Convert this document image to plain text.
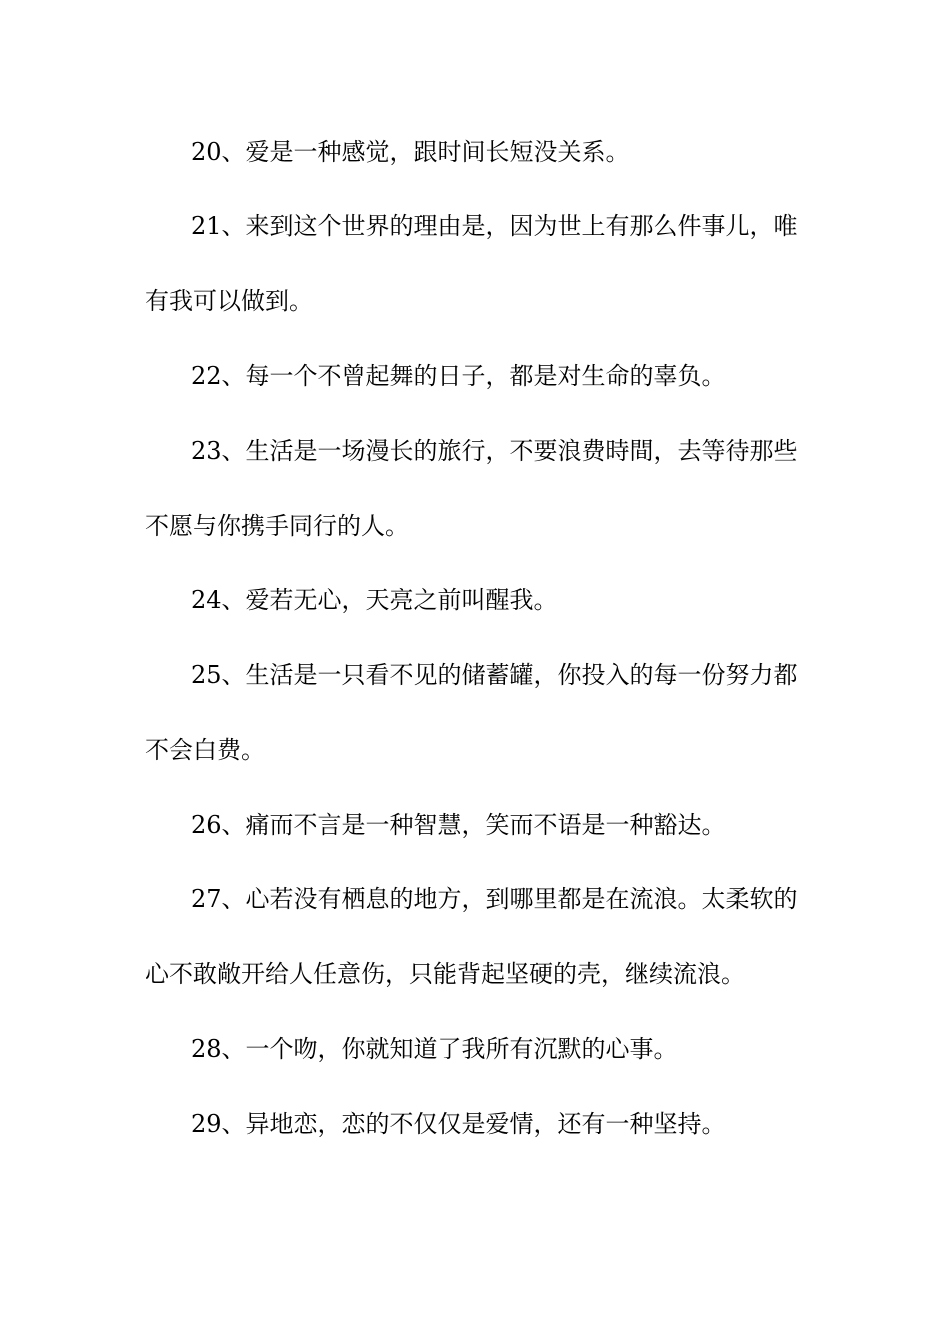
20、爱是一种感觉，跟时间长短没关系。
21、来到这个世界的理由是，因为世上有那么件事儿，唯
有我可以做到。
22、每一个不曾起舞的日子，都是对生命的辜负。
23、生活是一场漫长的旅行，不要浪费時間，去等待那些
不愿与你携手同行的人。
24、爱若无心，天亮之前叫醒我。
25、生活是一只看不见的储蓄罐，你投入的每一份努力都
不会白费。
26、痛而不言是一种智慧，笑而不语是一种豁达。
27、心若没有栖息的地方，到哪里都是在流浪。太柔软的
心不敢敞开给人任意伤，只能背起坚硬的壳，继续流浪。
28、一个吻，你就知道了我所有沉默的心事。
29、异地恋，恋的不仅仅是爱情，还有一种坚持。
